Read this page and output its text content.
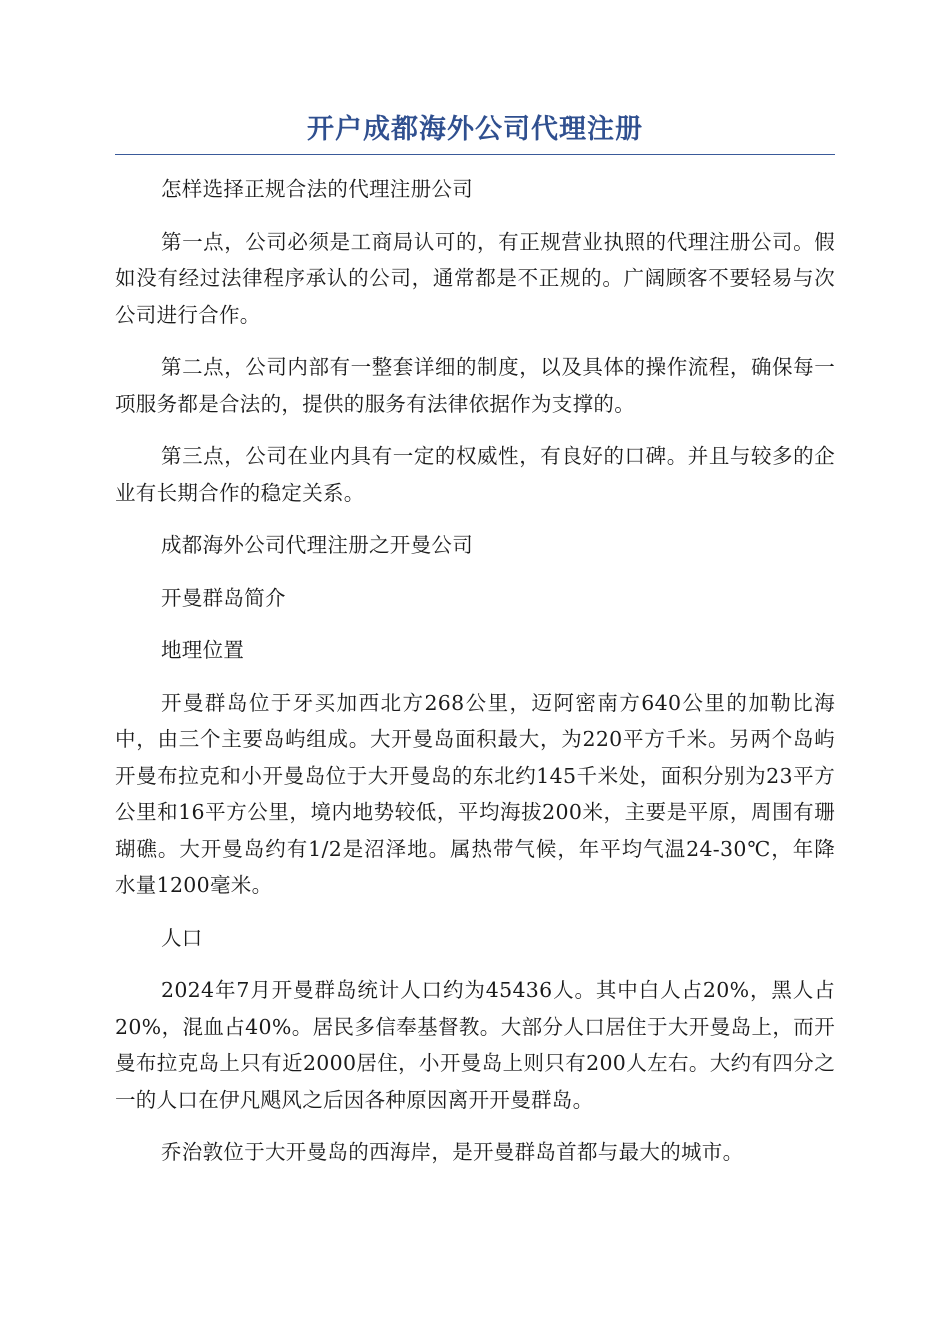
开户成都海外公司代理注册

怎样选择正规合法的代理注册公司

第一点，公司必须是工商局认可的，有正规营业执照的代理注册公司。假如没有经过法律程序承认的公司，通常都是不正规的。广阔顾客不要轻易与次公司进行合作。

第二点，公司内部有一整套详细的制度，以及具体的操作流程，确保每一项服务都是合法的，提供的服务有法律依据作为支撑的。

第三点，公司在业内具有一定的权威性，有良好的口碑。并且与较多的企业有长期合作的稳定关系。

成都海外公司代理注册之开曼公司

开曼群岛简介

地理位置

开曼群岛位于牙买加西北方268公里，迈阿密南方640公里的加勒比海中，由三个主要岛屿组成。大开曼岛面积最大，为220平方千米。另两个岛屿开曼布拉克和小开曼岛位于大开曼岛的东北约145千米处，面积分别为23平方公里和16平方公里，境内地势较低，平均海拔200米，主要是平原，周围有珊瑚礁。大开曼岛约有1/2是沼泽地。属热带气候，年平均气温24-30℃，年降水量1200毫米。

人口

2024年7月开曼群岛统计人口约为45436人。其中白人占20%，黑人占20%，混血占40%。居民多信奉基督教。大部分人口居住于大开曼岛上，而开曼布拉克岛上只有近2000居住，小开曼岛上则只有200人左右。大约有四分之一的人口在伊凡飓风之后因各种原因离开开曼群岛。

乔治敦位于大开曼岛的西海岸，是开曼群岛首都与最大的城市。
